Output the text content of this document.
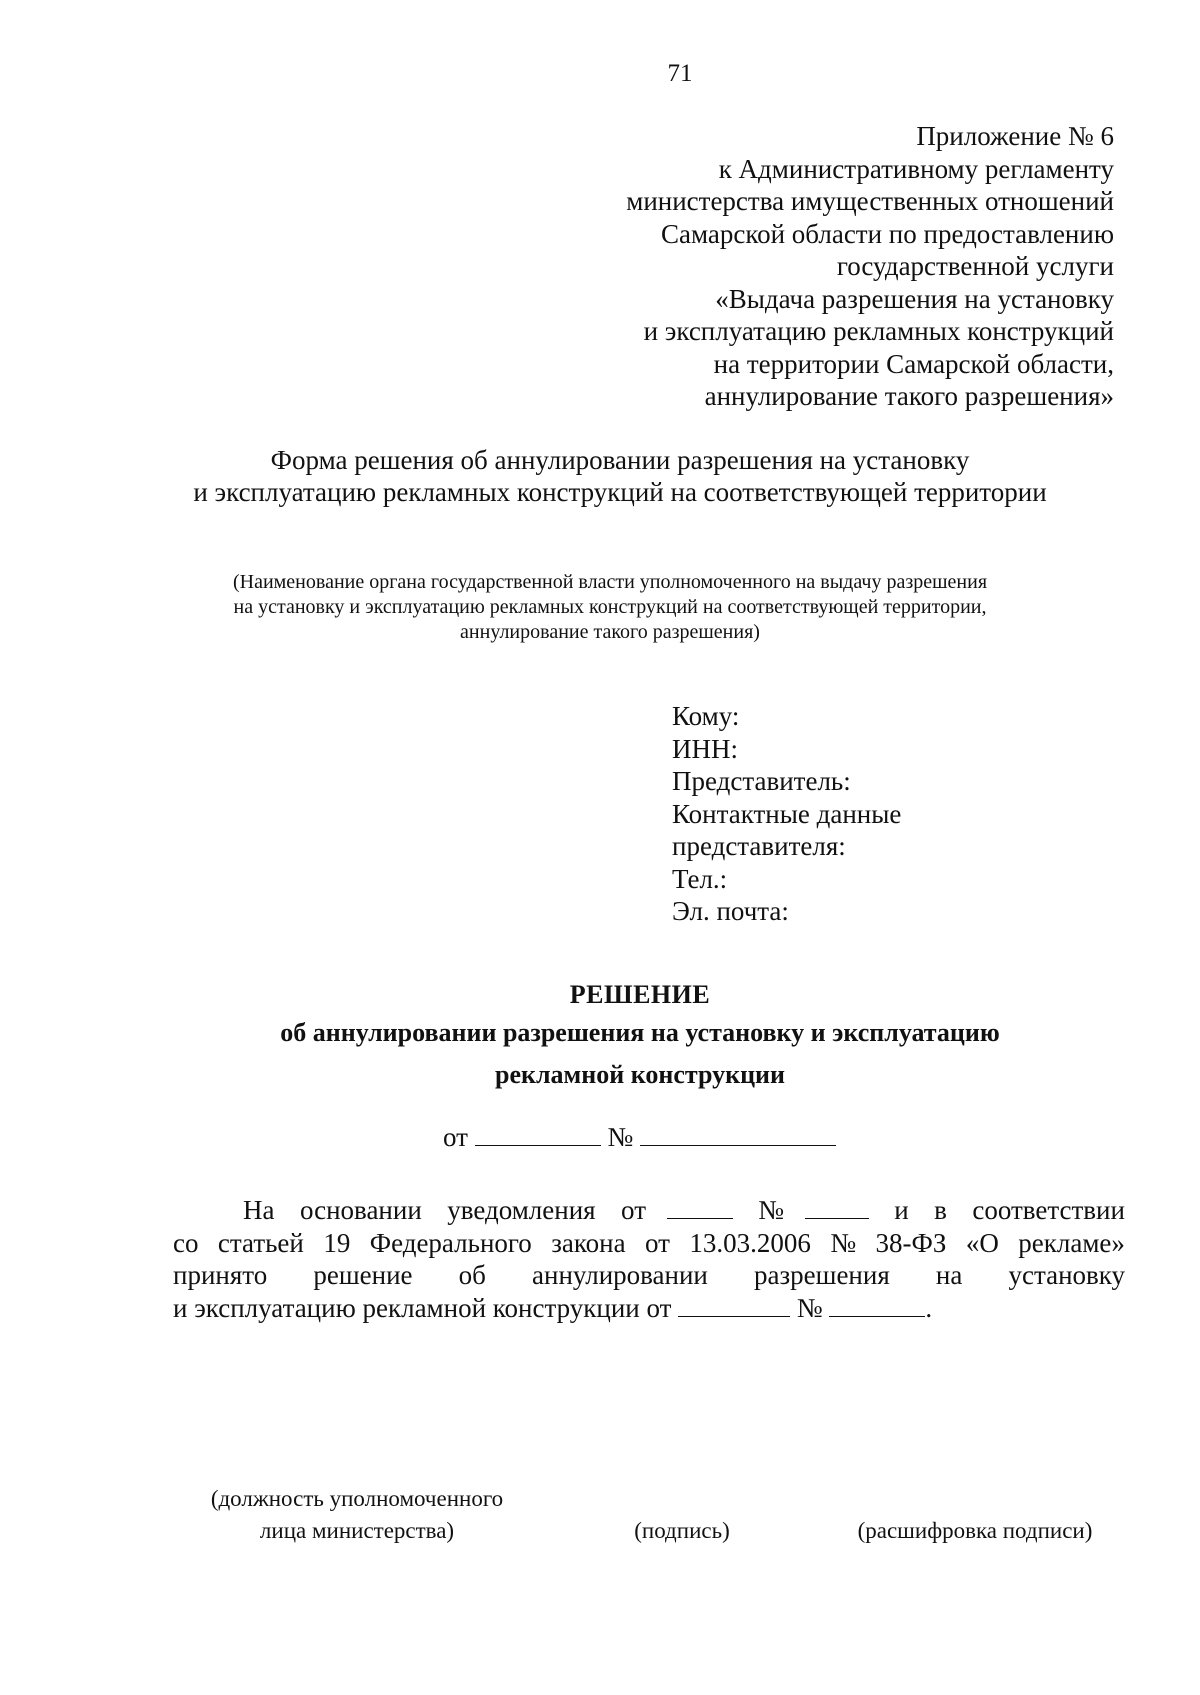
71
Приложение № 6
к Административному регламенту
министерства имущественных отношений
Самарской области по предоставлению
государственной услуги
«Выдача разрешения на установку
и эксплуатацию рекламных конструкций
на территории Самарской области,
аннулирование такого разрешения»
Форма решения об аннулировании разрешения на установку
и эксплуатацию рекламных конструкций на соответствующей территории
(Наименование органа государственной власти уполномоченного на выдачу разрешения
на установку и эксплуатацию рекламных конструкций на соответствующей территории,
аннулирование такого разрешения)
Кому:
ИНН:
Представитель:
Контактные данные
представителя:
Тел.:
Эл. почта:
РЕШЕНИЕ
об аннулировании разрешения на установку и эксплуатацию
рекламной конструкции
от	№
На основании уведомления от	№	и в соответствии
со статьей 19 Федерального закона от 13.03.2006 № 38-ФЗ «О рекламе»
принято решение об аннулировании разрешения на установку
и эксплуатацию рекламной конструкции от	№	.
(должность уполномоченного
лица министерства)	(подпись)	(расшифровка подписи)
